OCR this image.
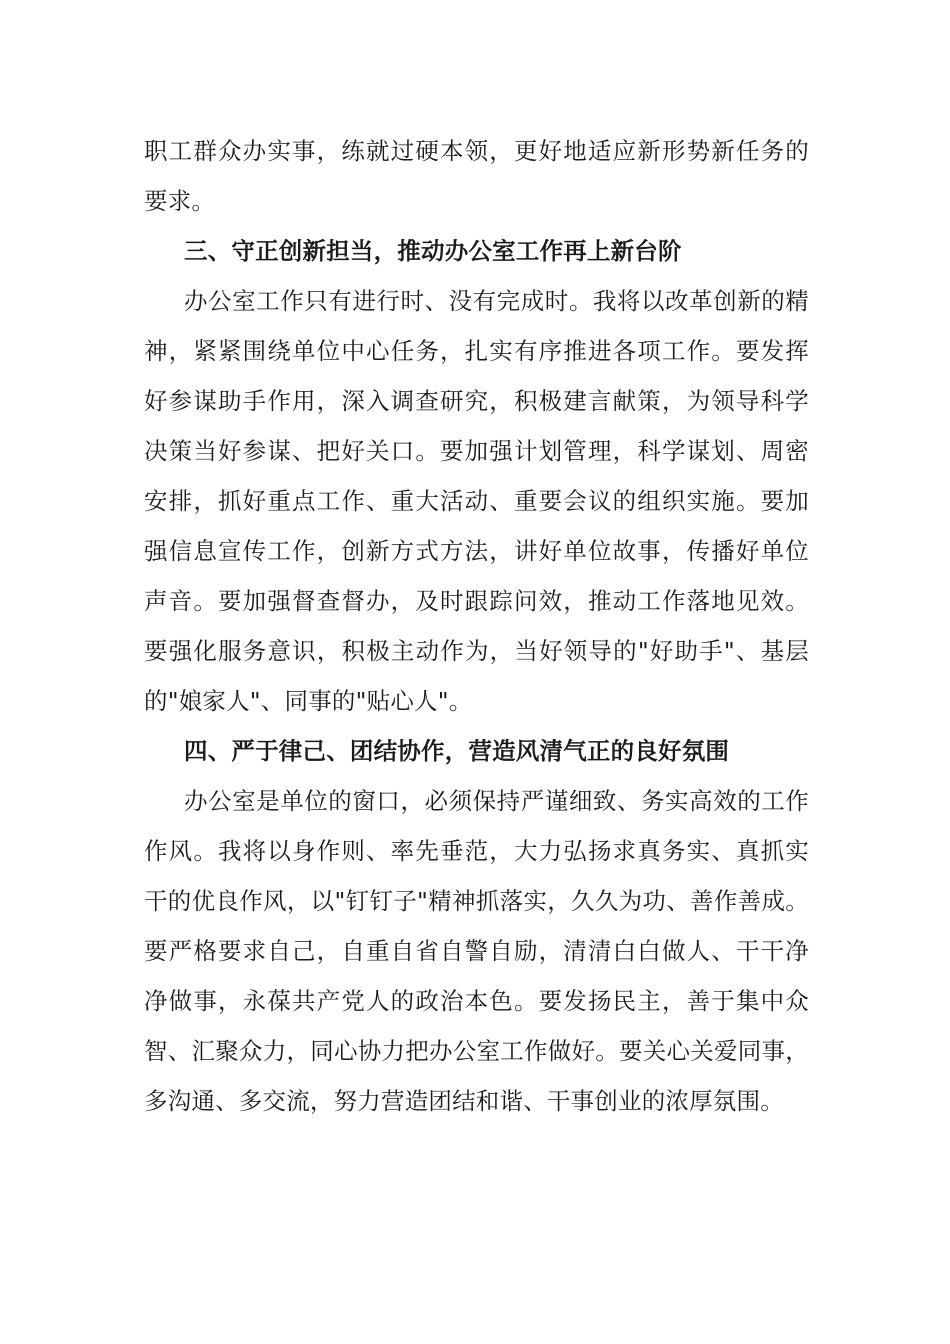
职工群众办实事，练就过硬本领，更好地适应新形势新任务的
要求。
三、守正创新担当，推动办公室工作再上新台阶
办公室工作只有进行时、没有完成时。我将以改革创新的精
神，紧紧围绕单位中心任务，扎实有序推进各项工作。要发挥
好参谋助手作用，深入调查研究，积极建言献策，为领导科学
决策当好参谋、把好关口。要加强计划管理，科学谋划、周密
安排，抓好重点工作、重大活动、重要会议的组织实施。要加
强信息宣传工作，创新方式方法，讲好单位故事，传播好单位
声音。要加强督查督办，及时跟踪问效，推动工作落地见效。
要强化服务意识，积极主动作为，当好领导的"好助手"、基层
的"娘家人"、同事的"贴心人"。
四、严于律己、团结协作，营造风清气正的良好氛围
办公室是单位的窗口，必须保持严谨细致、务实高效的工作
作风。我将以身作则、率先垂范，大力弘扬求真务实、真抓实
干的优良作风，以"钉钉子"精神抓落实，久久为功、善作善成。
要严格要求自己，自重自省自警自励，清清白白做人、干干净
净做事，永葆共产党人的政治本色。要发扬民主，善于集中众
智、汇聚众力，同心协力把办公室工作做好。要关心关爱同事，
多沟通、多交流，努力营造团结和谐、干事创业的浓厚氛围。
